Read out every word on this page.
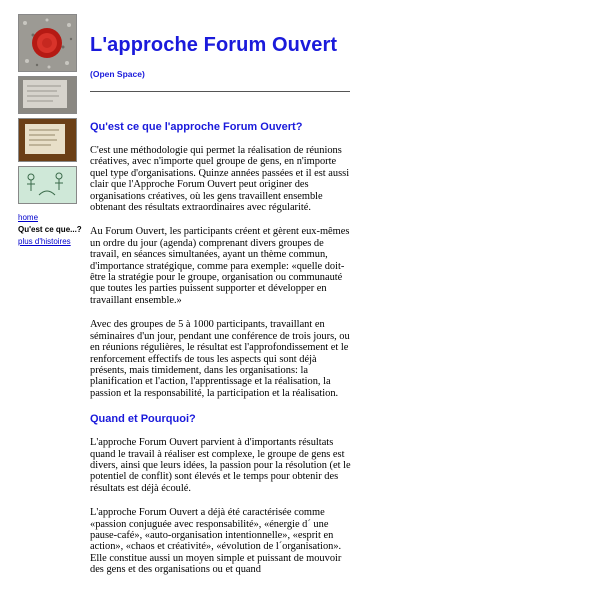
home
Qu'est ce que...?
plus d'histoires
L'approche Forum Ouvert
(Open Space)
Qu'est ce que l'approche Forum Ouvert?

C'est une méthodologie qui permet la réalisation de réunions créatives, avec n'importe quel groupe de gens, en n'importe quel type d'organisations. Quinze années passées et il est aussi clair que l'Approche Forum Ouvert peut originer des organisations créatives, où les gens travaillent ensemble obtenant des résultats extraordinaires avec régularité.

Au Forum Ouvert, les participants créent et gèrent eux-mêmes un ordre du jour (agenda) comprenant divers groupes de travail, en séances simultanées, ayant un thème commun, d'importance stratégique, comme para exemple: «quelle doit-être la stratégie pour le groupe, organisation ou communauté que toutes les parties puissent supporter et développer en travaillant ensemble.»

Avec des groupes de 5 à 1000 participants, travaillant en séminaires d'un jour, pendant une conférence de trois jours, ou en réunions régulières, le résultat est l'approfondissement et le renforcement effectifs de tous les aspects qui sont déjà présents, mais timidement, dans les organisations: la planification et l'action, l'apprentissage et la réalisation, la passion et la responsabilité, la participation et la réalisation.

Quand et Pourquoi?

L'approche Forum Ouvert parvient à d'importants résultats quand le travail à réaliser est complexe, le groupe de gens est divers, ainsi que leurs idées, la passion pour la résolution (et le potentiel de conflit) sont élevés et le temps pour obtenir des résultats est déjà écoulé.

L'approche Forum Ouvert a déjà été caractérisée comme «passion conjuguée avec responsabilité», «énergie d´ une pause-café», «auto-organisation intentionnelle», «esprit en action», «chaos et créativité», «évolution de l´organisation». Elle constitue aussi un moyen simple et puissant de mouvoir des gens et des organisations ou et quand
